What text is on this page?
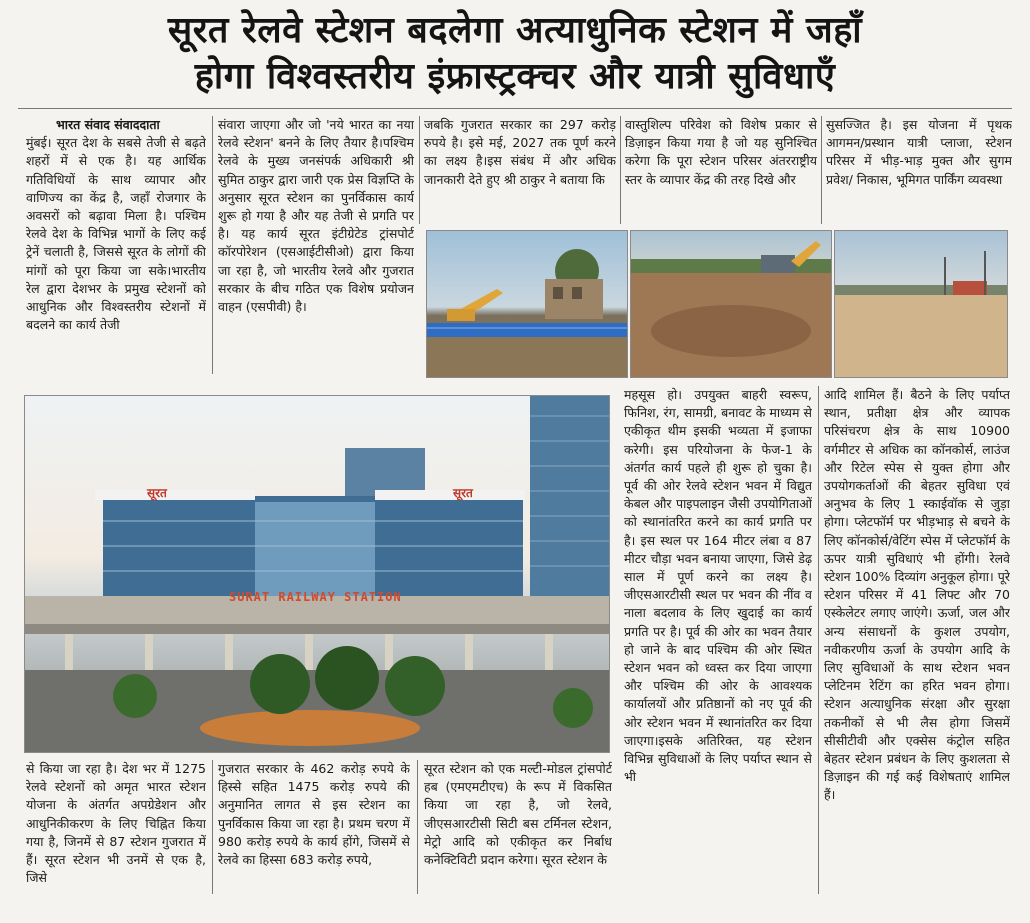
सूरत रेलवे स्टेशन बदलेगा अत्याधुनिक स्टेशन में जहाँ
होगा विश्वस्तरीय इंफ्रास्ट्रक्चर और यात्री सुविधाएँ

भारत संवाद संवाददाता

मुंबई। सूरत देश के सबसे तेजी से बढ़ते शहरों में से एक है। यह आर्थिक गतिविधियों के साथ व्यापार और वाणिज्य का केंद्र है, जहाँ रोजगार के अवसरों को बढ़ावा मिला है। पश्चिम रेलवे देश के विभिन्न भागों के लिए कई ट्रेनें चलाती है, जिससे सूरत के लोगों की मांगों को पूरा किया जा सके।भारतीय रेल द्वारा देशभर के प्रमुख स्टेशनों को आधुनिक और विश्वस्तरीय स्टेशनों में बदलने का कार्य तेजी

संवारा जाएगा और जो 'नये भारत का नया रेलवे स्टेशन' बनने के लिए तैयार है।पश्चिम रेलवे के मुख्य जनसंपर्क अधिकारी श्री सुमित ठाकुर द्वारा जारी एक प्रेस विज्ञप्ति के अनुसार सूरत स्टेशन का पुनर्विकास कार्य शुरू हो गया है और यह तेजी से प्रगति पर है। यह कार्य सूरत इंटीग्रेटेड ट्रांसपोर्ट कॉरपोरेशन (एसआईटीसीओ) द्वारा किया जा रहा है, जो भारतीय रेलवे और गुजरात सरकार के बीच गठित एक विशेष प्रयोजन वाहन (एसपीवी) है।

जबकि गुजरात सरकार का 297 करोड़ रुपये है। इसे मई, 2027 तक पूर्ण करने का लक्ष्य है।इस संबंध में और अधिक जानकारी देते हुए श्री ठाकुर ने बताया कि

वास्तुशिल्प परिवेश को विशेष प्रकार से डिज़ाइन किया गया है जो यह सुनिश्चित करेगा कि पूरा स्टेशन परिसर अंतरराष्ट्रीय स्तर के व्यापार केंद्र की तरह दिखे और

सुसज्जित है। इस योजना में पृथक आगमन/प्रस्थान यात्री प्लाजा, स्टेशन परिसर में भीड़-भाड़ मुक्त और सुगम प्रवेश/ निकास, भूमिगत पार्किंग व्यवस्था

सूरत	सूरत
SURAT RAILWAY STATION

महसूस हो। उपयुक्त बाहरी स्वरूप, फिनिश, रंग, सामग्री, बनावट के माध्यम से एकीकृत थीम इसकी भव्यता में इजाफा करेगी। इस परियोजना के फेज-1 के अंतर्गत कार्य पहले ही शुरू हो चुका है। पूर्व की ओर रेलवे स्टेशन भवन में विद्युत केबल और पाइपलाइन जैसी उपयोगिताओं को स्थानांतरित करने का कार्य प्रगति पर है। इस स्थल पर 164 मीटर लंबा व 87 मीटर चौड़ा भवन बनाया जाएगा, जिसे डेढ़ साल में पूर्ण करने का लक्ष्य है। जीएसआरटीसी स्थल पर भवन की नींव व नाला बदलाव के लिए खुदाई का कार्य प्रगति पर है। पूर्व की ओर का भवन तैयार हो जाने के बाद पश्चिम की ओर स्थित स्टेशन भवन को ध्वस्त कर दिया जाएगा और पश्चिम की ओर के आवश्यक कार्यालयों और प्रतिष्ठानों को नए पूर्व की ओर स्टेशन भवन में स्थानांतरित कर दिया जाएगा।इसके अतिरिक्त, यह स्टेशन विभिन्न सुविधाओं के लिए पर्याप्त स्थान से भी

आदि शामिल हैं। बैठने के लिए पर्याप्त स्थान, प्रतीक्षा क्षेत्र और व्यापक परिसंचरण क्षेत्र के साथ 10900 वर्गमीटर से अधिक का कॉनकोर्स, लाउंज और रिटेल स्पेस से युक्त होगा और उपयोगकर्ताओं की बेहतर सुविधा एवं अनुभव के लिए 1 स्काईवॉक से जुड़ा होगा। प्लेटफॉर्म पर भीड़भाड़ से बचने के लिए कॉनकोर्स/वेटिंग स्पेस में प्लेटफॉर्म के ऊपर यात्री सुविधाएं भी होंगी। रेलवे स्टेशन 100% दिव्यांग अनुकूल होगा। पूरे स्टेशन परिसर में 41 लिफ्ट और 70 एस्केलेटर लगाए जाएंगे। ऊर्जा, जल और अन्य संसाधनों के कुशल उपयोग, नवीकरणीय ऊर्जा के उपयोग आदि के लिए सुविधाओं के साथ स्टेशन भवन प्लेटिनम रेटिंग का हरित भवन होगा। स्टेशन अत्याधुनिक संरक्षा और सुरक्षा तकनीकों से भी लैस होगा जिसमें सीसीटीवी और एक्सेस कंट्रोल सहित बेहतर स्टेशन प्रबंधन के लिए कुशलता से डिज़ाइन की गई कई विशेषताएं शामिल हैं।

से किया जा रहा है। देश भर में 1275 रेलवे स्टेशनों को अमृत भारत स्टेशन योजना के अंतर्गत अपग्रेडेशन और आधुनिकीकरण के लिए चिह्नित किया गया है, जिनमें से 87 स्टेशन गुजरात में हैं। सूरत स्टेशन भी उनमें से एक है, जिसे

गुजरात सरकार के 462 करोड़ रुपये के हिस्से सहित 1475 करोड़ रुपये की अनुमानित लागत से इस स्टेशन का पुनर्विकास किया जा रहा है। प्रथम चरण में 980 करोड़ रुपये के कार्य होंगे, जिसमें से रेलवे का हिस्सा 683 करोड़ रुपये,

सूरत स्टेशन को एक मल्टी-मोडल ट्रांसपोर्ट हब (एमएमटीएच) के रूप में विकसित किया जा रहा है, जो रेलवे, जीएसआरटीसी सिटी बस टर्मिनल स्टेशन, मेट्रो आदि को एकीकृत कर निर्बाध कनेक्टिविटी प्रदान करेगा। सूरत स्टेशन के
